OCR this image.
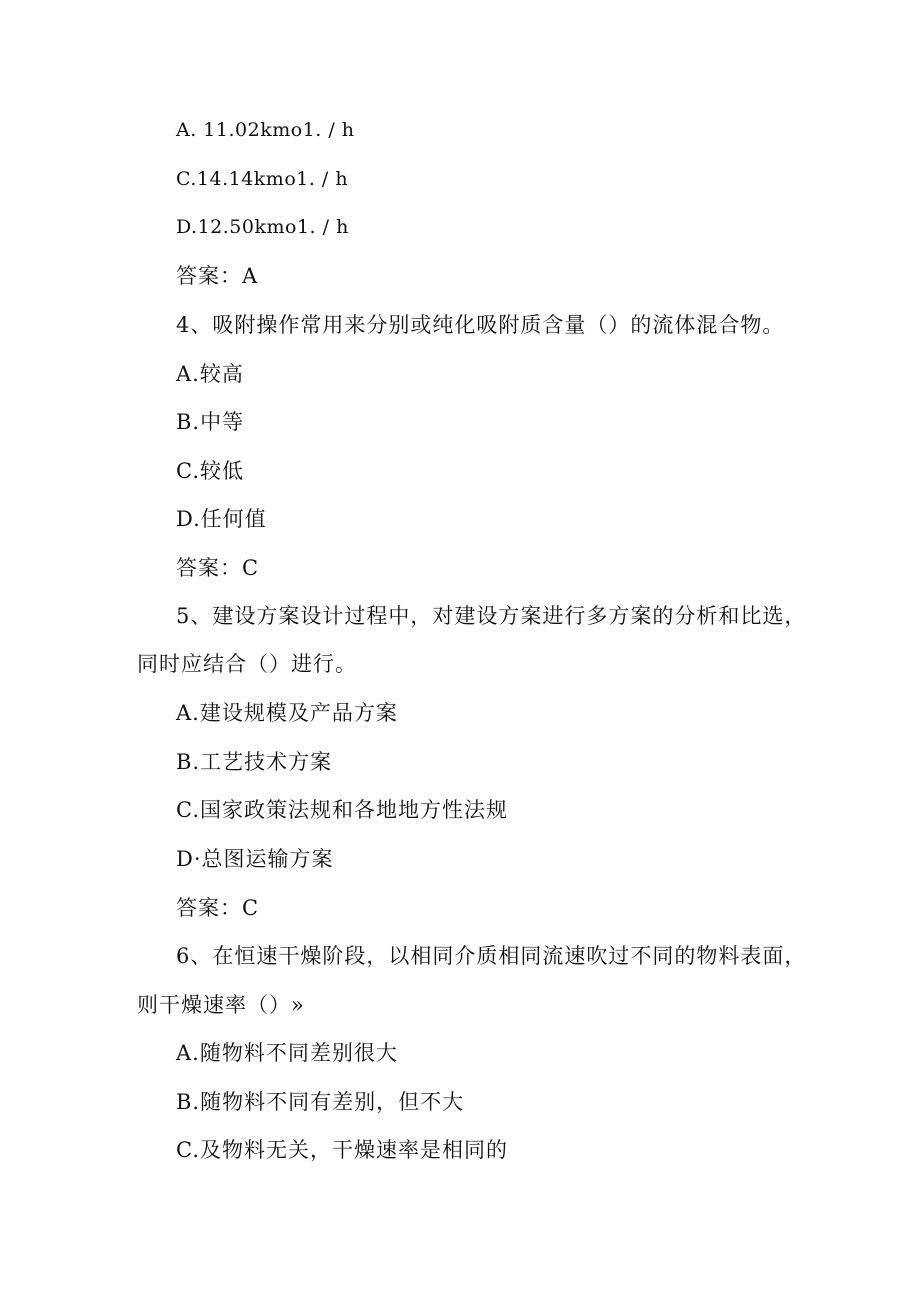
A. 11.02kmo1. / h
C.14.14kmo1. / h
D.12.50kmo1. / h
答案：A
4、吸附操作常用来分别或纯化吸附质含量（）的流体混合物。
A.较高
B.中等
C.较低
D.任何值
答案：C
5、建设方案设计过程中，对建设方案进行多方案的分析和比选，
同时应结合（）进行。
A.建设规模及产品方案
B.工艺技术方案
C.国家政策法规和各地地方性法规
D·总图运输方案
答案：C
6、在恒速干燥阶段，以相同介质相同流速吹过不同的物料表面，
则干燥速率（）»
A.随物料不同差别很大
B.随物料不同有差别，但不大
C.及物料无关，干燥速率是相同的
